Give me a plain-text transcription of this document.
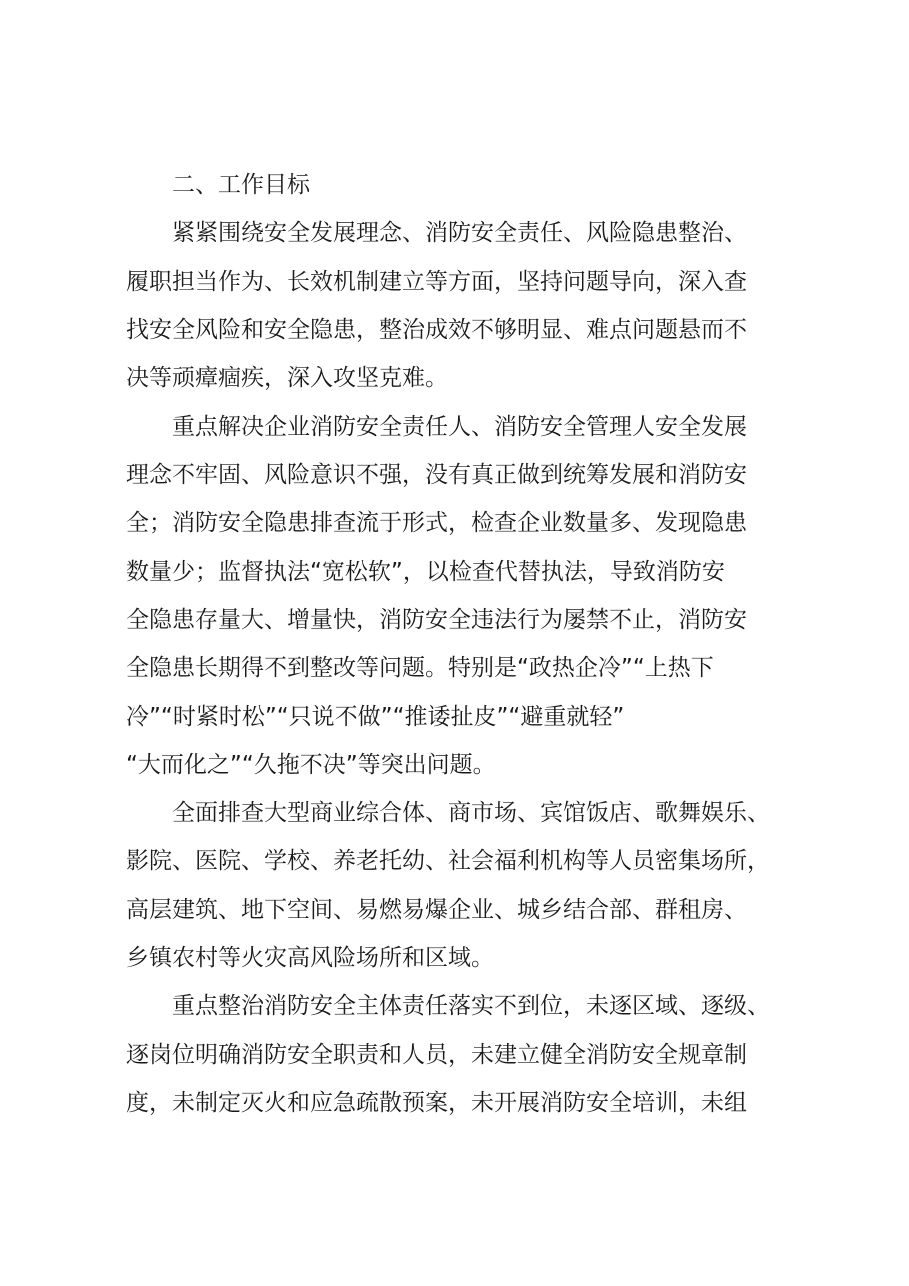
二、工作目标
紧紧围绕安全发展理念、消防安全责任、风险隐患整治、
履职担当作为、长效机制建立等方面，坚持问题导向，深入查
找安全风险和安全隐患，整治成效不够明显、难点问题悬而不
决等顽瘴痼疾，深入攻坚克难。
重点解决企业消防安全责任人、消防安全管理人安全发展
理念不牢固、风险意识不强，没有真正做到统筹发展和消防安
全；消防安全隐患排查流于形式，检查企业数量多、发现隐患
数量少；监督执法“宽松软”，以检查代替执法，导致消防安
全隐患存量大、增量快，消防安全违法行为屡禁不止，消防安
全隐患长期得不到整改等问题。特别是“政热企冷”“上热下
冷”“时紧时松”“只说不做”“推诿扯皮”“避重就轻”
“大而化之”“久拖不决”等突出问题。
全面排查大型商业综合体、商市场、宾馆饭店、歌舞娱乐、
影院、医院、学校、养老托幼、社会福利机构等人员密集场所，
高层建筑、地下空间、易燃易爆企业、城乡结合部、群租房、
乡镇农村等火灾高风险场所和区域。
重点整治消防安全主体责任落实不到位，未逐区域、逐级、
逐岗位明确消防安全职责和人员，未建立健全消防安全规章制
度，未制定灭火和应急疏散预案，未开展消防安全培训，未组
